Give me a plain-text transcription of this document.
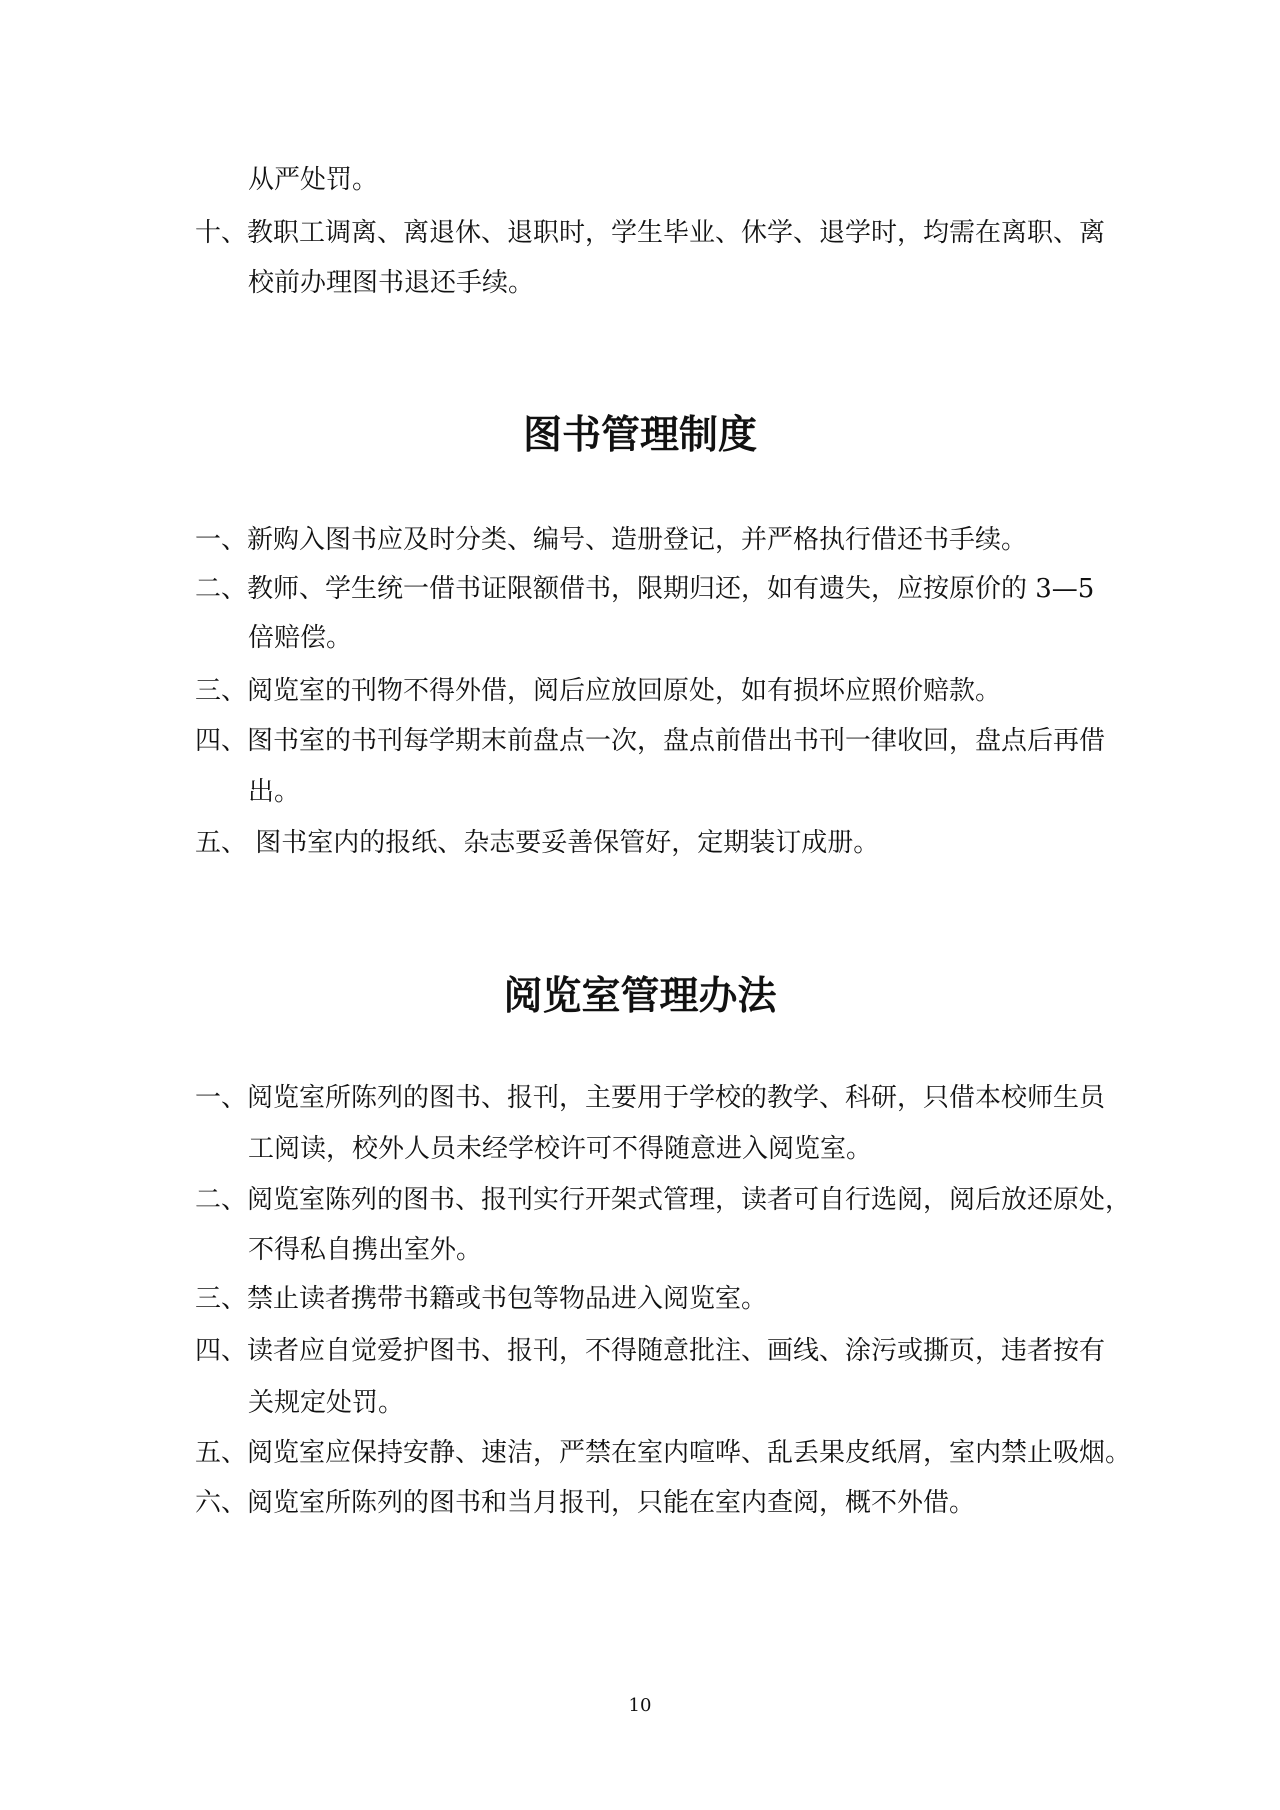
从严处罚。
十、教职工调离、离退休、退职时，学生毕业、休学、退学时，均需在离职、离
校前办理图书退还手续。
图书管理制度
一、新购入图书应及时分类、编号、造册登记，并严格执行借还书手续。
二、教师、学生统一借书证限额借书，限期归还，如有遗失，应按原价的 3—5
倍赔偿。
三、阅览室的刊物不得外借，阅后应放回原处，如有损坏应照价赔款。
四、图书室的书刊每学期末前盘点一次，盘点前借出书刊一律收回，盘点后再借
出。
五、 图书室内的报纸、杂志要妥善保管好，定期装订成册。
阅览室管理办法
一、阅览室所陈列的图书、报刊，主要用于学校的教学、科研，只借本校师生员
工阅读，校外人员未经学校许可不得随意进入阅览室。
二、阅览室陈列的图书、报刊实行开架式管理，读者可自行选阅，阅后放还原处，
不得私自携出室外。
三、禁止读者携带书籍或书包等物品进入阅览室。
四、读者应自觉爱护图书、报刊，不得随意批注、画线、涂污或撕页，违者按有
关规定处罚。
五、阅览室应保持安静、速洁，严禁在室内喧哗、乱丢果皮纸屑，室内禁止吸烟。
六、阅览室所陈列的图书和当月报刊，只能在室内查阅，概不外借。
10
